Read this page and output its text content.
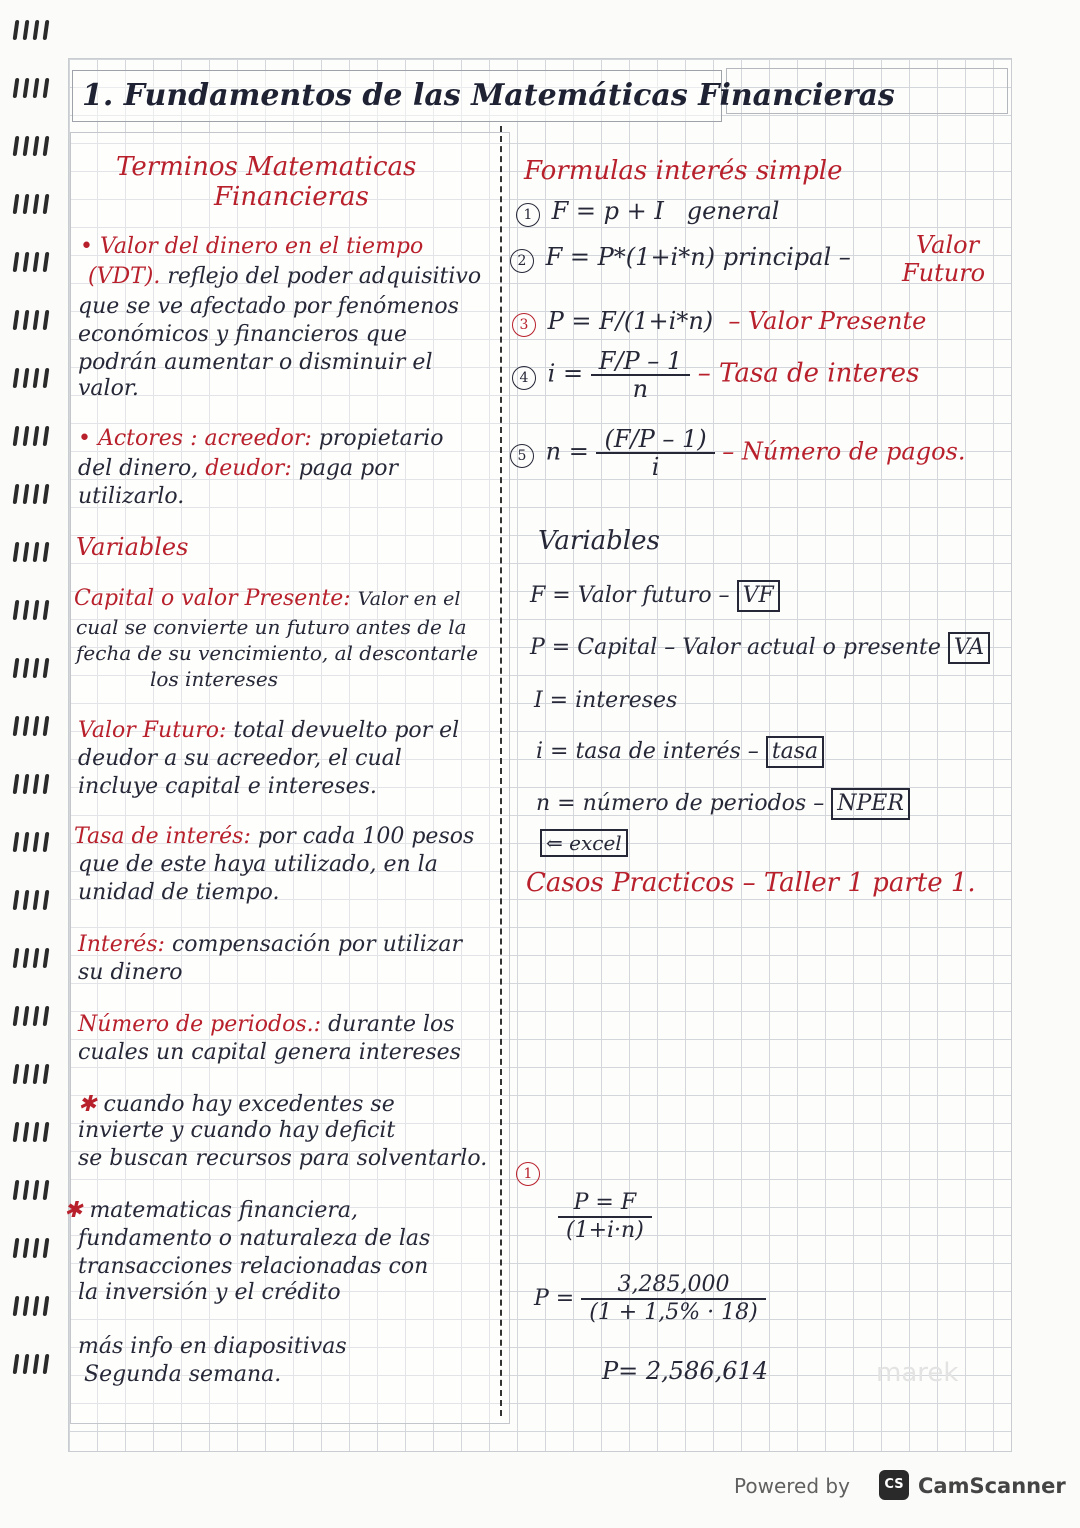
1. Fundamentos de las Matemáticas Financieras
Terminos Matematicas
Financieras
• Valor del dinero en el tiempo
(VDT). reflejo del poder adquisitivo
que se ve afectado por fenómenos
económicos y financieros que
podrán aumentar o disminuir el
valor.
• Actores : acreedor: propietario
del dinero, deudor: paga por
utilizarlo.
Variables
Capital o valor Presente: Valor en el
cual se convierte un futuro antes de la
fecha de su vencimiento, al descontarle
los intereses
Valor Futuro: total devuelto por el
deudor a su acreedor, el cual
incluye capital e intereses.
Tasa de interés: por cada 100 pesos
que de este haya utilizado, en la
unidad de tiempo.
Interés: compensación por utilizar
su dinero
Número de periodos.: durante los
cuales un capital genera intereses
✱ cuando hay excedentes se
invierte y cuando hay deficit
se buscan recursos para solventarlo.
✱ matematicas financiera,
fundamento o naturaleza de las
transacciones relacionadas con
la inversión y el crédito
más info en diapositivas
Segunda semana.
Formulas interés simple
1 F = p + I general
2 F = P*(1+i*n) principal –	Valor
Futuro
3 P = F/(1+i*n) – Valor Presente
4 $i = \frac{F/P - 1}{n}$ – Tasa de interes
5 $n = \frac{(F/P - 1)}{i}$ – Número de pagos.
Variables
F = Valor futuro – VF
P = Capital – Valor actual o presente VA
I = intereses
i = tasa de interés – tasa
n = número de periodos – NPER
⇐ excel
Casos Practicos – Taller 1 parte 1.
1
$\frac{P = F}{(1+i\cdot n)}$
$P = \frac{3,285,000}{(1 + 1,5\% \cdot 18)}$
P= 2,586,614	marek
Powered by	CS CamScanner
